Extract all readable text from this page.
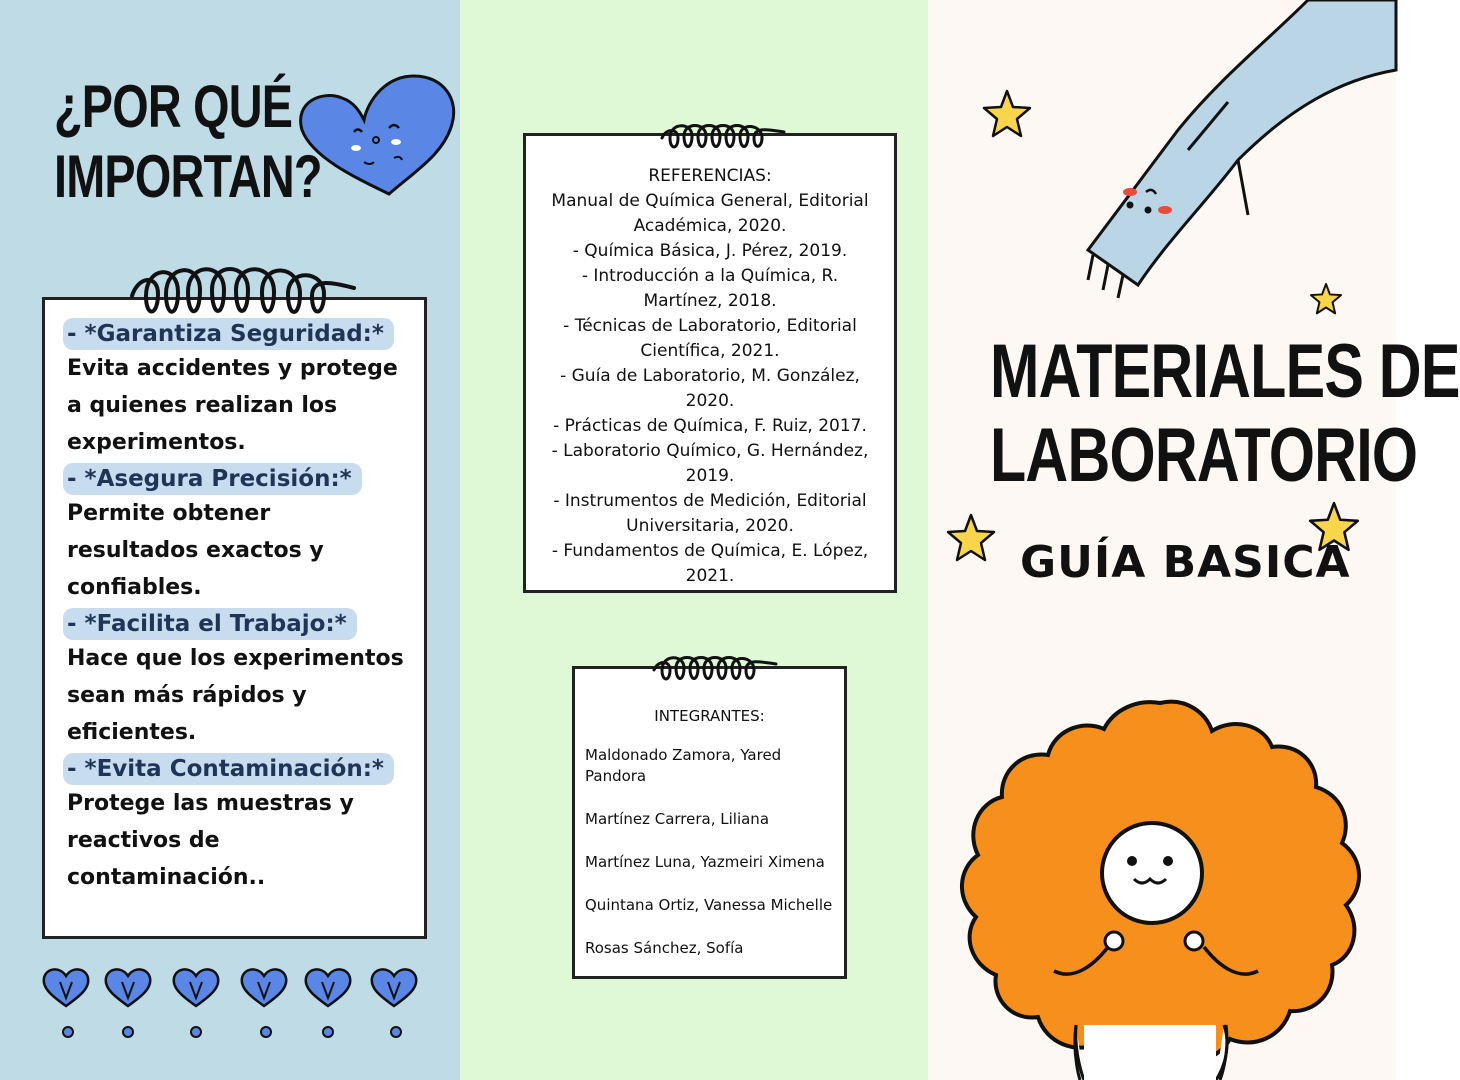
¿POR QUÉ
IMPORTAN?
- *Garantiza Seguridad:*
Evita accidentes y protege a quienes realizan los experimentos.
- *Asegura Precisión:*
Permite obtener resultados exactos y confiables.
- *Facilita el Trabajo:*
Hace que los experimentos sean más rápidos y eficientes.
- *Evita Contaminación:*
Protege las muestras y reactivos de contaminación..
REFERENCIAS:
Manual de Química General, Editorial
Académica, 2020.
- Química Básica, J. Pérez, 2019.
- Introducción a la Química, R.
Martínez, 2018.
- Técnicas de Laboratorio, Editorial
Científica, 2021.
- Guía de Laboratorio, M. González,
2020.
- Prácticas de Química, F. Ruiz, 2017.
- Laboratorio Químico, G. Hernández,
2019.
- Instrumentos de Medición, Editorial
Universitaria, 2020.
- Fundamentos de Química, E. López,
2021.
INTEGRANTES:
Maldonado Zamora, Yared Pandora
Martínez Carrera, Liliana
Martínez Luna, Yazmeiri Ximena
Quintana Ortiz, Vanessa Michelle
Rosas Sánchez, Sofía
MATERIALES DE
LABORATORIO
GUÍA BASICA
